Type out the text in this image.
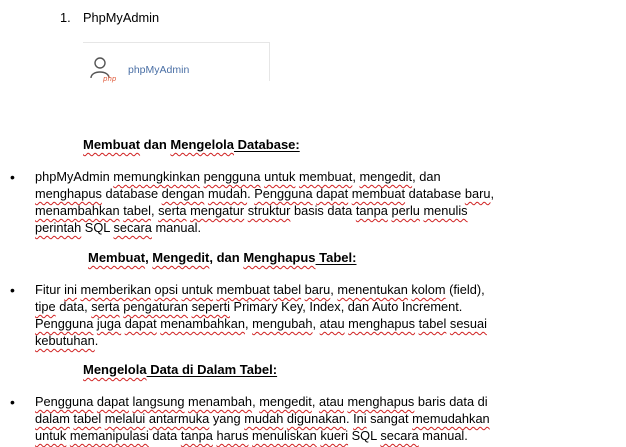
1. PhpMyAdmin
php
phpMyAdmin
Membuat dan Mengelola Database:
• phpMyAdmin memungkinkan pengguna untuk membuat, mengedit, dan
menghapus database dengan mudah. Pengguna dapat membuat database baru,
menambahkan tabel, serta mengatur struktur basis data tanpa perlu menulis
perintah SQL secara manual.
Membuat, Mengedit, dan Menghapus Tabel:
• Fitur ini memberikan opsi untuk membuat tabel baru, menentukan kolom (field),
tipe data, serta pengaturan seperti Primary Key, Index, dan Auto Increment.
Pengguna juga dapat menambahkan, mengubah, atau menghapus tabel sesuai
kebutuhan.
Mengelola Data di Dalam Tabel:
• Pengguna dapat langsung menambah, mengedit, atau menghapus baris data di
dalam tabel melalui antarmuka yang mudah digunakan. Ini sangat memudahkan
untuk memanipulasi data tanpa harus menuliskan kueri SQL secara manual.
